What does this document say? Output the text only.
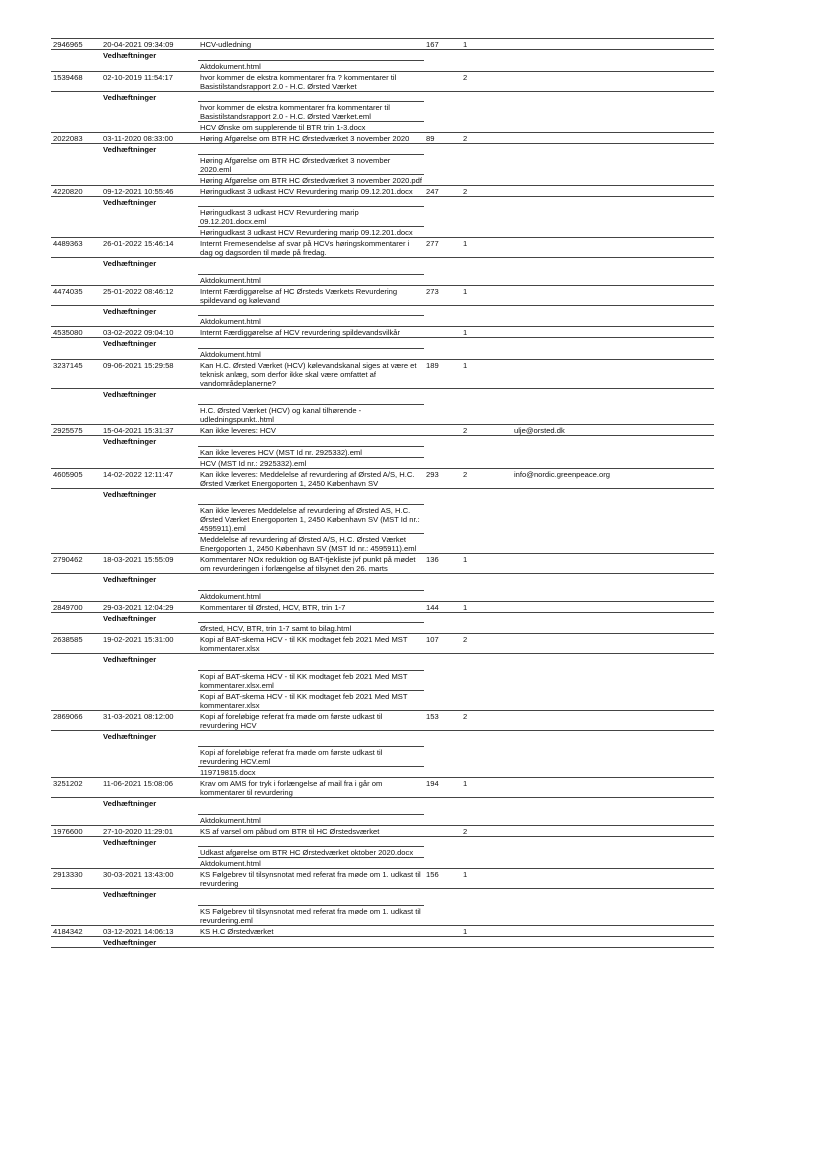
2946965	20-04-2021 09:34:09	HCV-udledning	167	1	
	Vedhæftninger				
		Aktdokument.html			
1539468	02-10-2019 11:54:17	hvor kommer de ekstra kommentarer fra ? kommentarer til Basistilstandsrapport 2.0 - H.C. Ørsted Værket		2	
	Vedhæftninger				
		hvor kommer de ekstra kommentarer fra kommentarer til Basistilstandsrapport 2.0 - H.C. Ørsted Værket.eml			
		HCV Ønske om supplerende til BTR trin 1-3.docx			
2022083	03-11-2020 08:33:00	Høring Afgørelse om BTR HC Ørstedværket 3 november 2020	89	2	
	Vedhæftninger				
		Høring Afgørelse om BTR HC Ørstedværket 3 november 2020.eml			
		Høring Afgørelse om BTR HC Ørstedværket 3 november 2020.pdf			
4220820	09-12-2021 10:55:46	Høringudkast 3 udkast HCV Revurdering marip 09.12.201.docx	247	2	
	Vedhæftninger				
		Høringudkast 3 udkast HCV Revurdering marip 09.12.201.docx.eml			
		Høringudkast 3 udkast HCV Revurdering marip 09.12.201.docx			
4489363	26-01-2022 15:46:14	Internt Fremesendelse af svar på HCVs høringskommentarer i dag og dagsorden til møde på fredag.	277	1	
	Vedhæftninger				
		Aktdokument.html			
4474035	25-01-2022 08:46:12	Internt Færdiggørelse af HC Ørsteds Værkets Revurdering spildevand og kølevand	273	1	
	Vedhæftninger				
		Aktdokument.html			
4535080	03-02-2022 09:04:10	Internt Færdiggørelse af HCV revurdering spildevandsvilkår		1	
	Vedhæftninger				
		Aktdokument.html			
3237145	09-06-2021 15:29:58	Kan H.C. Ørsted Værket (HCV) kølevandskanal siges at være et teknisk anlæg, som derfor ikke skal være omfattet af vandområdeplanerne?	189	1	
	Vedhæftninger				
		H.C. Ørsted Værket (HCV) og kanal tilhørende - udledningspunkt..html			
2925575	15-04-2021 15:31:37	Kan ikke leveres: HCV		2	ulje@orsted.dk
	Vedhæftninger				
		Kan ikke leveres HCV (MST Id nr. 2925332).eml			
		HCV (MST Id nr.: 2925332).eml			
4605905	14-02-2022 12:11:47	Kan ikke leveres: Meddelelse af revurdering af Ørsted A/S, H.C. Ørsted Værket Energoporten 1, 2450 København SV	293	2	info@nordic.greenpeace.org
	Vedhæftninger				
		Kan ikke leveres Meddelelse af revurdering af Ørsted AS, H.C. Ørsted Værket Energoporten 1, 2450 København SV (MST Id nr.: 4595911).eml			
		Meddelelse af revurdering af Ørsted A/S, H.C. Ørsted Værket Energoporten 1, 2450 København SV (MST Id nr.: 4595911).eml			
2790462	18-03-2021 15:55:09	Kommentarer NOx reduktion og BAT-tjekliste jvf punkt på mødet om revurderingen i forlængelse af tilsynet den 26. marts	136	1	
	Vedhæftninger				
		Aktdokument.html			
2849700	29-03-2021 12:04:29	Kommentarer til Ørsted, HCV, BTR, trin 1-7	144	1	
	Vedhæftninger				
		Ørsted, HCV, BTR, trin 1-7 samt to bilag.html			
2638585	19-02-2021 15:31:00	Kopi af BAT-skema HCV - til KK modtaget feb 2021 Med MST kommentarer.xlsx	107	2	
	Vedhæftninger				
		Kopi af BAT-skema HCV - til KK modtaget feb 2021 Med MST kommentarer.xlsx.eml			
		Kopi af BAT-skema HCV - til KK modtaget feb 2021 Med MST kommentarer.xlsx			
2869066	31-03-2021 08:12:00	Kopi af foreløbige referat fra møde om første udkast til revurdering HCV	153	2	
	Vedhæftninger				
		Kopi af foreløbige referat fra møde om første udkast til revurdering HCV.eml			
		119719815.docx			
3251202	11-06-2021 15:08:06	Krav om AMS for tryk i forlængelse af mail fra i går om kommentarer til revurdering	194	1	
	Vedhæftninger				
		Aktdokument.html			
1976600	27-10-2020 11:29:01	KS af varsel om påbud om BTR til HC Ørstedsværket		2	
	Vedhæftninger				
		Udkast afgørelse om BTR HC Ørstedværket oktober 2020.docx			
		Aktdokument.html			
2913330	30-03-2021 13:43:00	KS Følgebrev til tilsynsnotat med referat fra møde om 1. udkast til revurdering	156	1	
	Vedhæftninger				
		KS Følgebrev til tilsynsnotat med referat fra møde om 1. udkast til revurdering.eml			
4184342	03-12-2021 14:06:13	KS H.C Ørstedværket		1	
	Vedhæftninger				
